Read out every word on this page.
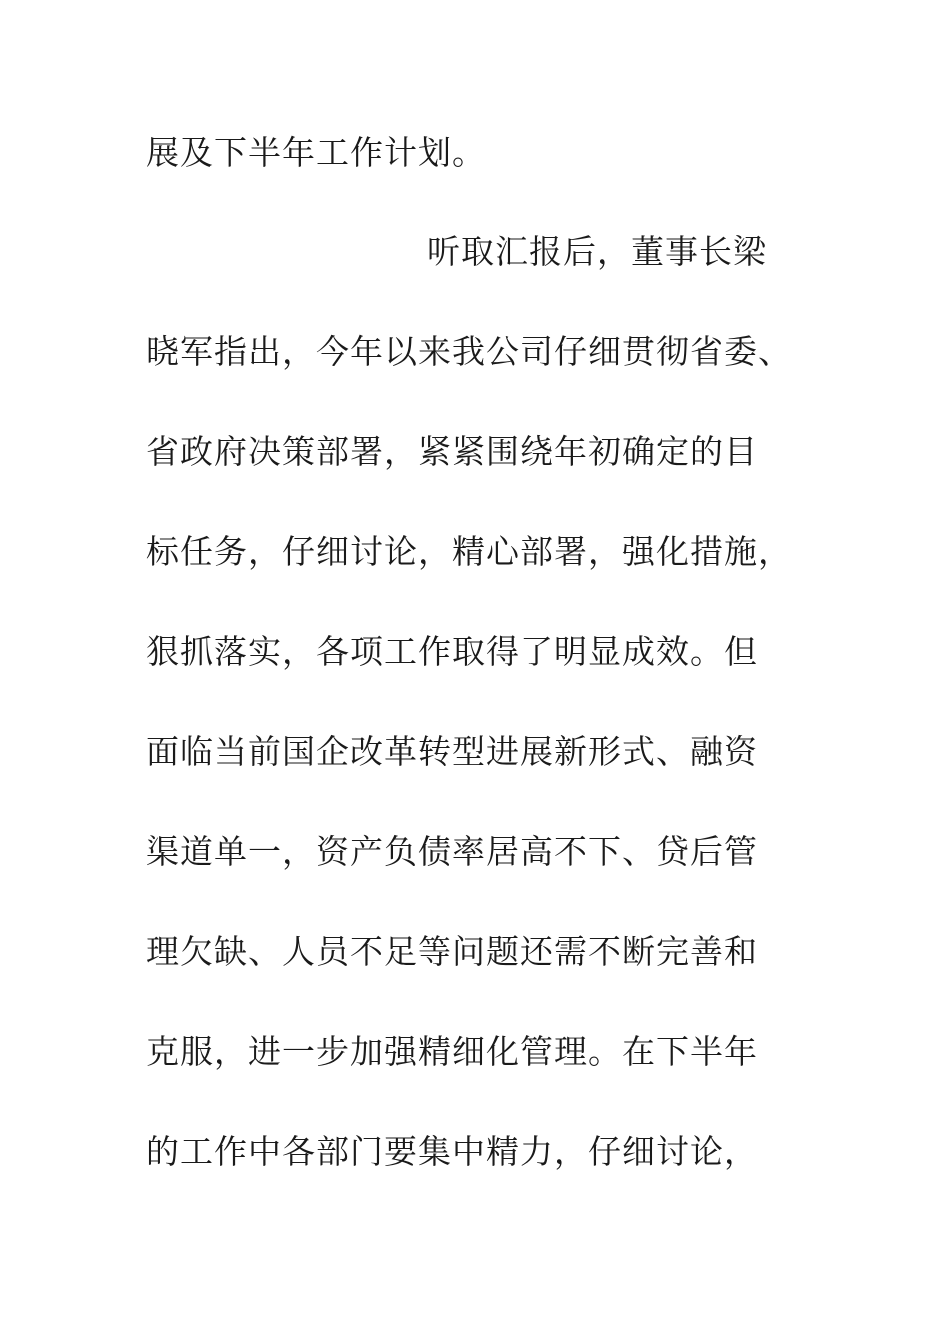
展及下半年工作计划。
听取汇报后，董事长梁
晓军指出，今年以来我公司仔细贯彻省委、
省政府决策部署，紧紧围绕年初确定的目
标任务，仔细讨论，精心部署，强化措施，
狠抓落实，各项工作取得了明显成效。但
面临当前国企改革转型进展新形式、融资
渠道单一，资产负债率居高不下、贷后管
理欠缺、人员不足等问题还需不断完善和
克服，进一步加强精细化管理。在下半年
的工作中各部门要集中精力，仔细讨论，
